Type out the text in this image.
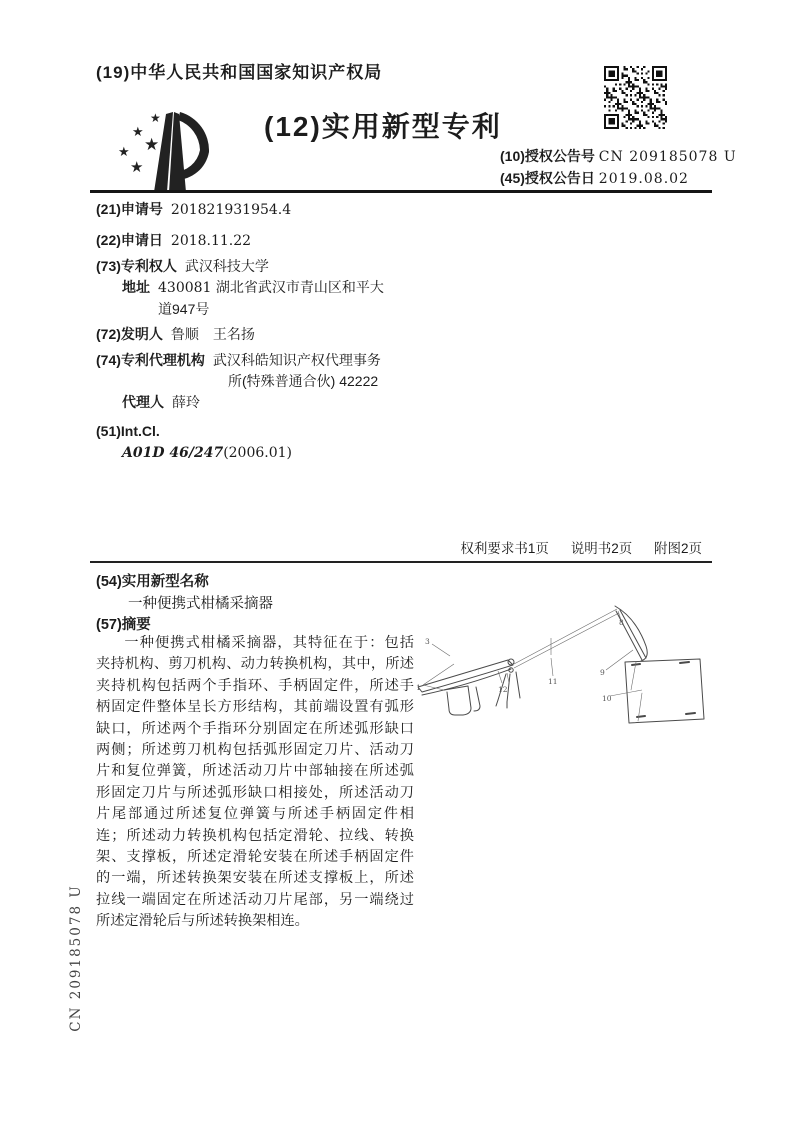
(19)中华人民共和国国家知识产权局
★
★
★
★
★
(12)实用新型专利
(10)授权公告号 CN 209185078 U
(45)授权公告日 2019.08.02
(21)申请号 201821931954.4
(22)申请日 2018.11.22
(73)专利权人 武汉科技大学
地址 430081 湖北省武汉市青山区和平大
道947号
(72)发明人 鲁顺　王名扬
(74)专利代理机构 武汉科皓知识产权代理事务
所(特殊普通合伙) 42222
代理人 薛玲
(51)Int.Cl.
A01D 46/247(2006.01)
权利要求书1页 说明书2页 附图2页
(54)实用新型名称
一种便携式柑橘采摘器
(57)摘要
一种便携式柑橘采摘器，其特征在于：包括
夹持机构、剪刀机构、动力转换机构，其中，所述
夹持机构包括两个手指环、手柄固定件，所述手
柄固定件整体呈长方形结构，其前端设置有弧形
缺口，所述两个手指环分别固定在所述弧形缺口
两侧；所述剪刀机构包括弧形固定刀片、活动刀
片和复位弹簧，所述活动刀片中部轴接在所述弧
形固定刀片与所述弧形缺口相接处，所述活动刀
片尾部通过所述复位弹簧与所述手柄固定件相
连；所述动力转换机构包括定滑轮、拉线、转换
架、支撑板，所述定滑轮安装在所述手柄固定件
的一端，所述转换架安装在所述支撑板上，所述
拉线一端固定在所述活动刀片尾部，另一端绕过
所述定滑轮后与所述转换架相连。
3
1	12
11
8
9
10
CN 209185078 U
